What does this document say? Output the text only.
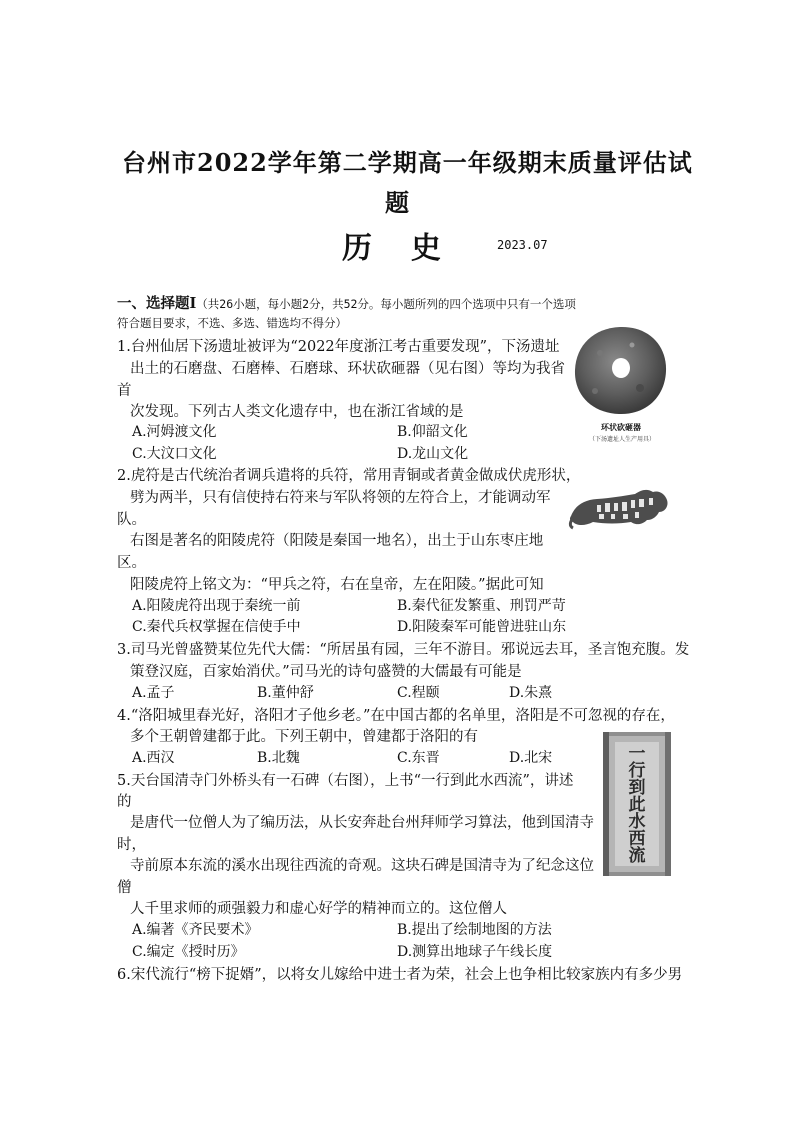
台州市2022学年第二学期高一年级期末质量评估试
题
历  史	2023.07
一、选择题Ⅰ（共26小题，每小题2分，共52分。每小题所列的四个选项中只有一个选项
符合题目要求，不选、多选、错选均不得分）
1.台州仙居下汤遗址被评为“2022年度浙江考古重要发现”，下汤遗址
出土的石磨盘、石磨棒、石磨球、环状砍砸器（见右图）等均为我省
首
次发现。下列古人类文化遗存中，也在浙江省域的是
A.河姆渡文化	B.仰韶文化
C.大汶口文化	D.龙山文化
环状砍砸器
（下汤遗址人生产用具）
2.虎符是古代统治者调兵遣将的兵符，常用青铜或者黄金做成伏虎形状，
劈为两半，只有信使持右符来与军队将领的左符合上，才能调动军
队。
右图是著名的阳陵虎符（阳陵是秦国一地名），出土于山东枣庄地
区。
阳陵虎符上铭文为：“甲兵之符，右在皇帝，左在阳陵。”据此可知
A.阳陵虎符出现于秦统一前	B.秦代征发繁重、刑罚严苛
C.秦代兵权掌握在信使手中	D.阳陵秦军可能曾进驻山东
3.司马光曾盛赞某位先代大儒：“所居虽有园，三年不游目。邪说远去耳，圣言饱充腹。发
策登汉庭，百家始消伏。”司马光的诗句盛赞的大儒最有可能是
A.孟子	B.董仲舒	C.程颐	D.朱熹
4.“洛阳城里春光好，洛阳才子他乡老。”在中国古都的名单里，洛阳是不可忽视的存在，
多个王朝曾建都于此。下列王朝中，曾建都于洛阳的有
A.西汉	B.北魏	C.东晋	D.北宋	一行到此水西流
5.天台国清寺门外桥头有一石碑（右图），上书“一行到此水西流”，讲述
的
是唐代一位僧人为了编历法，从长安奔赴台州拜师学习算法，他到国清寺
时，
寺前原本东流的溪水出现往西流的奇观。这块石碑是国清寺为了纪念这位
僧
人千里求师的顽强毅力和虚心好学的精神而立的。这位僧人
A.编著《齐民要术》	B.提出了绘制地图的方法
C.编定《授时历》	D.测算出地球子午线长度
6.宋代流行“榜下捉婿”，以将女儿嫁给中进士者为荣，社会上也争相比较家族内有多少男
